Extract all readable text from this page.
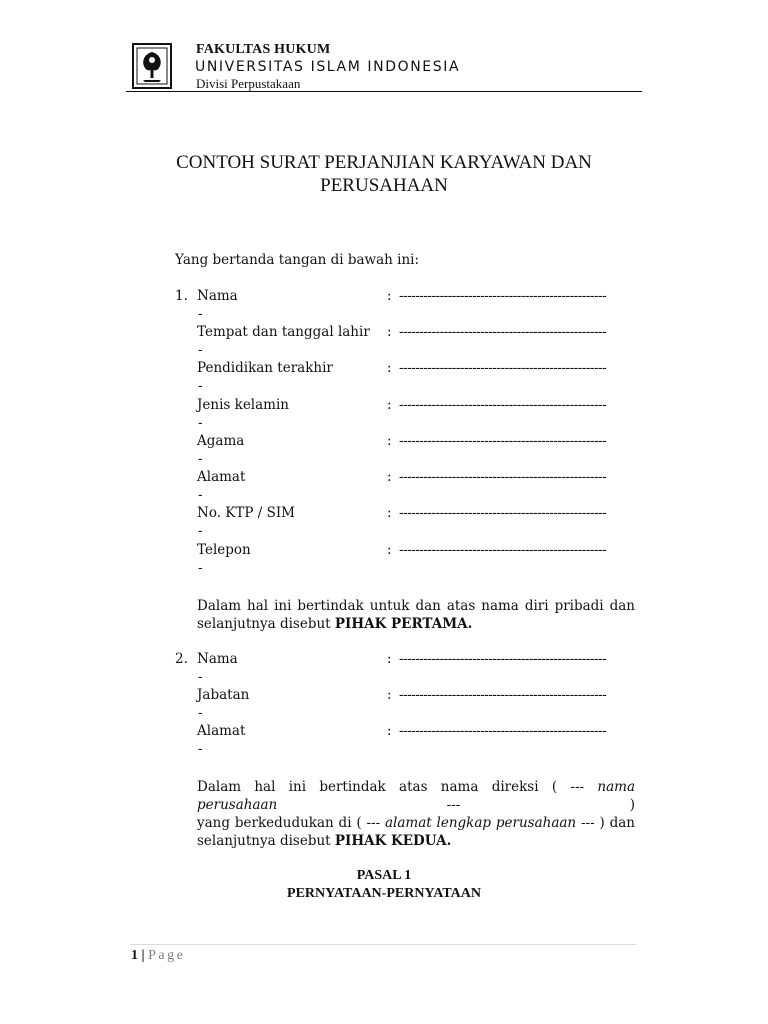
FAKULTAS HUKUM
UNIVERSITAS ISLAM INDONESIA
Divisi Perpustakaan
CONTOH SURAT PERJANJIAN KARYAWAN DAN
PERUSAHAAN
Yang bertanda tangan di bawah ini:
1. Nama	: ---------------------------------------------------
-
Tempat dan tanggal lahir : ---------------------------------------------------
-
Pendidikan terakhir	: ---------------------------------------------------
-
Jenis kelamin	: ---------------------------------------------------
-
Agama	: ---------------------------------------------------
-
Alamat	: ---------------------------------------------------
-
No. KTP / SIM	: ---------------------------------------------------
-
Telepon	: ---------------------------------------------------
-
Dalam hal ini bertindak untuk dan atas nama diri pribadi dan
selanjutnya disebut PIHAK PERTAMA.
2. Nama	: ---------------------------------------------------
-
Jabatan	: ---------------------------------------------------
-
Alamat	: ---------------------------------------------------
-
Dalam hal ini bertindak atas nama direksi ( --- nama perusahaan --- )
yang berkedudukan di ( --- alamat lengkap perusahaan --- ) dan
selanjutnya disebut PIHAK KEDUA.
PASAL 1
PERNYATAAN-PERNYATAAN
1 | Page
